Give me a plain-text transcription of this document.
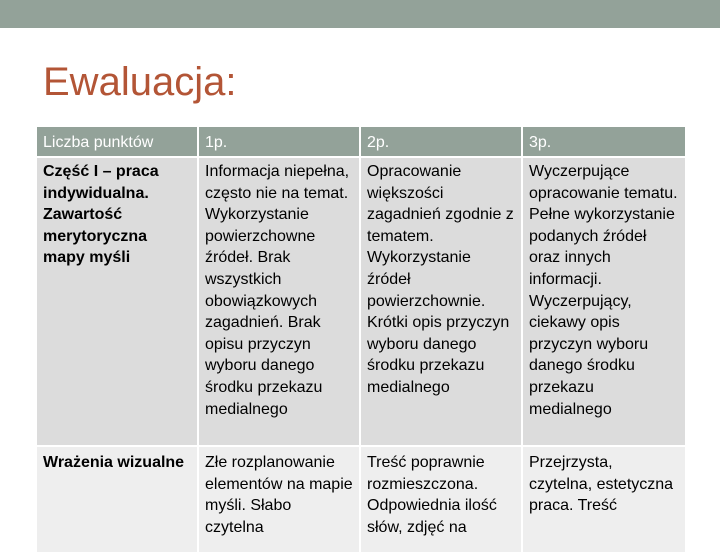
Ewaluacja:
Liczba punktów	1p.	2p.	3p.
Część I – praca indywidualna. Zawartość merytoryczna mapy myśli	Informacja niepełna, często nie na temat. Wykorzystanie powierzchowne źródeł. Brak wszystkich obowiązkowych zagadnień. Brak opisu przyczyn wyboru danego środku przekazu medialnego	Opracowanie większości zagadnień zgodnie z tematem. Wykorzystanie źródeł powierzchownie. Krótki opis przyczyn wyboru danego środku przekazu medialnego	Wyczerpujące opracowanie tematu. Pełne wykorzystanie podanych źródeł oraz innych informacji. Wyczerpujący, ciekawy opis przyczyn wyboru danego środku przekazu medialnego
Wrażenia wizualne	Złe rozplanowanie elementów na mapie myśli. Słabo czytelna	Treść poprawnie rozmieszczona. Odpowiednia ilość słów, zdjęć na	Przejrzysta, czytelna, estetyczna praca. Treść
